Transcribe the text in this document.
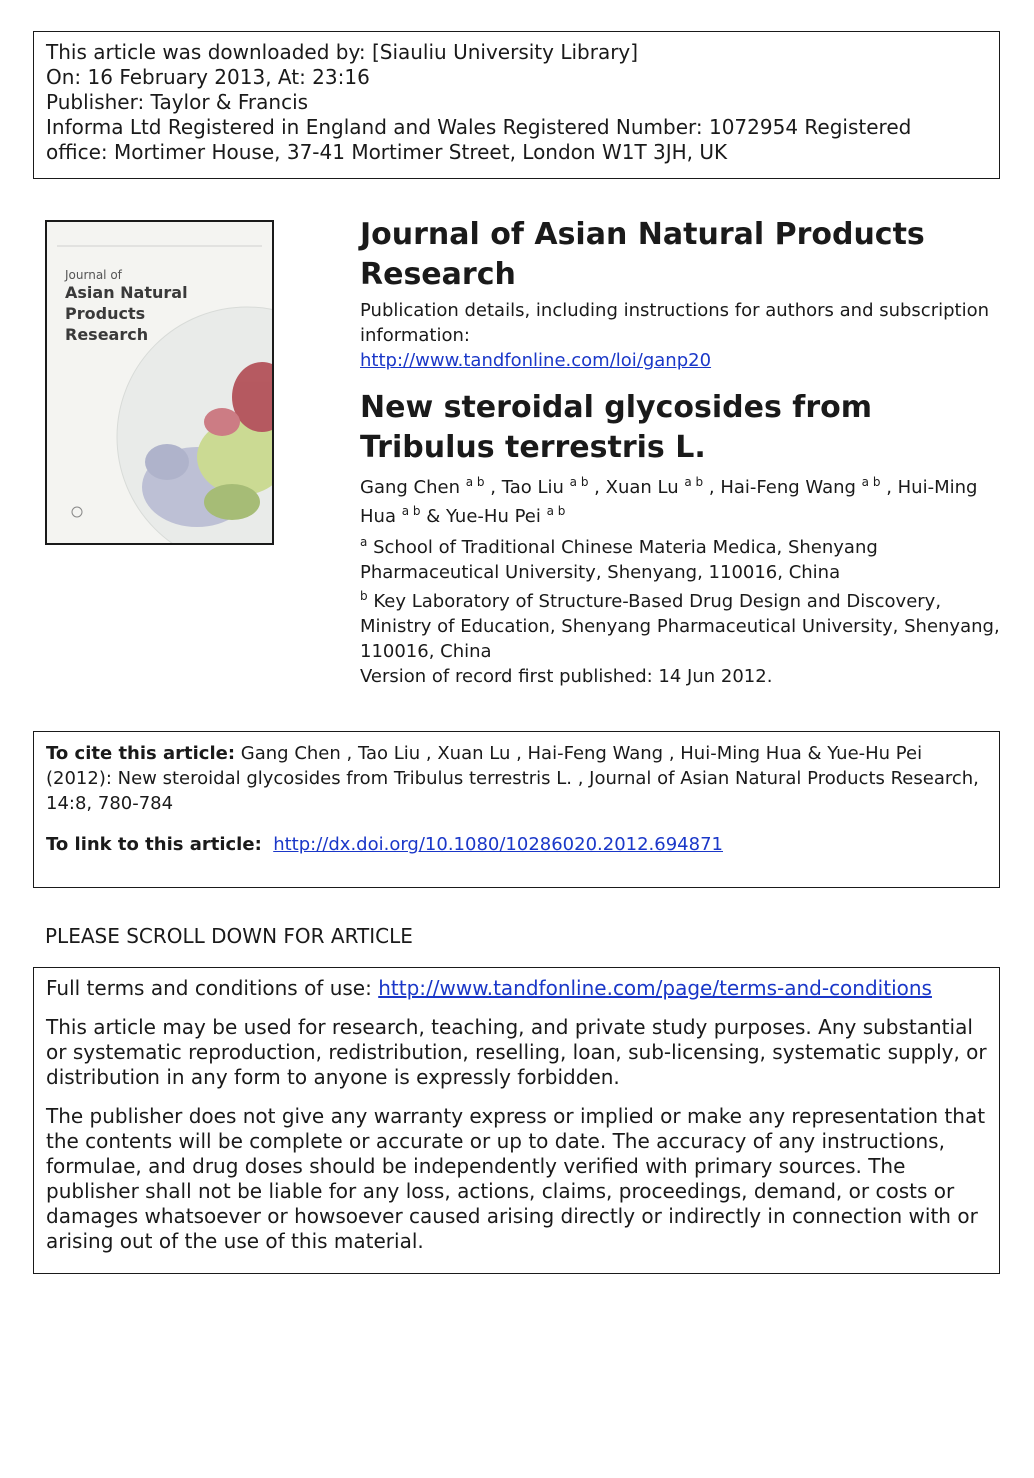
This article was downloaded by: [Siauliu University Library]
On: 16 February 2013, At: 23:16
Publisher: Taylor & Francis
Informa Ltd Registered in England and Wales Registered Number: 1072954 Registered
office: Mortimer House, 37-41 Mortimer Street, London W1T 3JH, UK
Journal of
Asian Natural
Products
Research
Journal of Asian Natural Products Research
Publication details, including instructions for authors and subscription information:
http://www.tandfonline.com/loi/ganp20
New steroidal glycosides from Tribulus terrestris L.
Gang Chen $^{a b}$ , Tao Liu $^{a b}$ , Xuan Lu $^{a b}$ , Hai-Feng Wang $^{a b}$ , Hui-Ming Hua $^{a b}$ & Yue-Hu Pei $^{a b}$
$^a$ School of Traditional Chinese Materia Medica, Shenyang Pharmaceutical University, Shenyang, 110016, China
$^b$ Key Laboratory of Structure-Based Drug Design and Discovery, Ministry of Education, Shenyang Pharmaceutical University, Shenyang, 110016, China
Version of record first published: 14 Jun 2012.
To cite this article: Gang Chen , Tao Liu , Xuan Lu , Hai-Feng Wang , Hui-Ming Hua & Yue-Hu Pei (2012): New steroidal glycosides from Tribulus terrestris L. , Journal of Asian Natural Products Research, 14:8, 780-784
To link to this article: http://dx.doi.org/10.1080/10286020.2012.694871
PLEASE SCROLL DOWN FOR ARTICLE

Full terms and conditions of use: http://www.tandfonline.com/page/terms-and-conditions

This article may be used for research, teaching, and private study purposes. Any substantial or systematic reproduction, redistribution, reselling, loan, sub-licensing, systematic supply, or distribution in any form to anyone is expressly forbidden.

The publisher does not give any warranty express or implied or make any representation that the contents will be complete or accurate or up to date. The accuracy of any instructions, formulae, and drug doses should be independently verified with primary sources. The publisher shall not be liable for any loss, actions, claims, proceedings, demand, or costs or damages whatsoever or howsoever caused arising directly or indirectly in connection with or arising out of the use of this material.
